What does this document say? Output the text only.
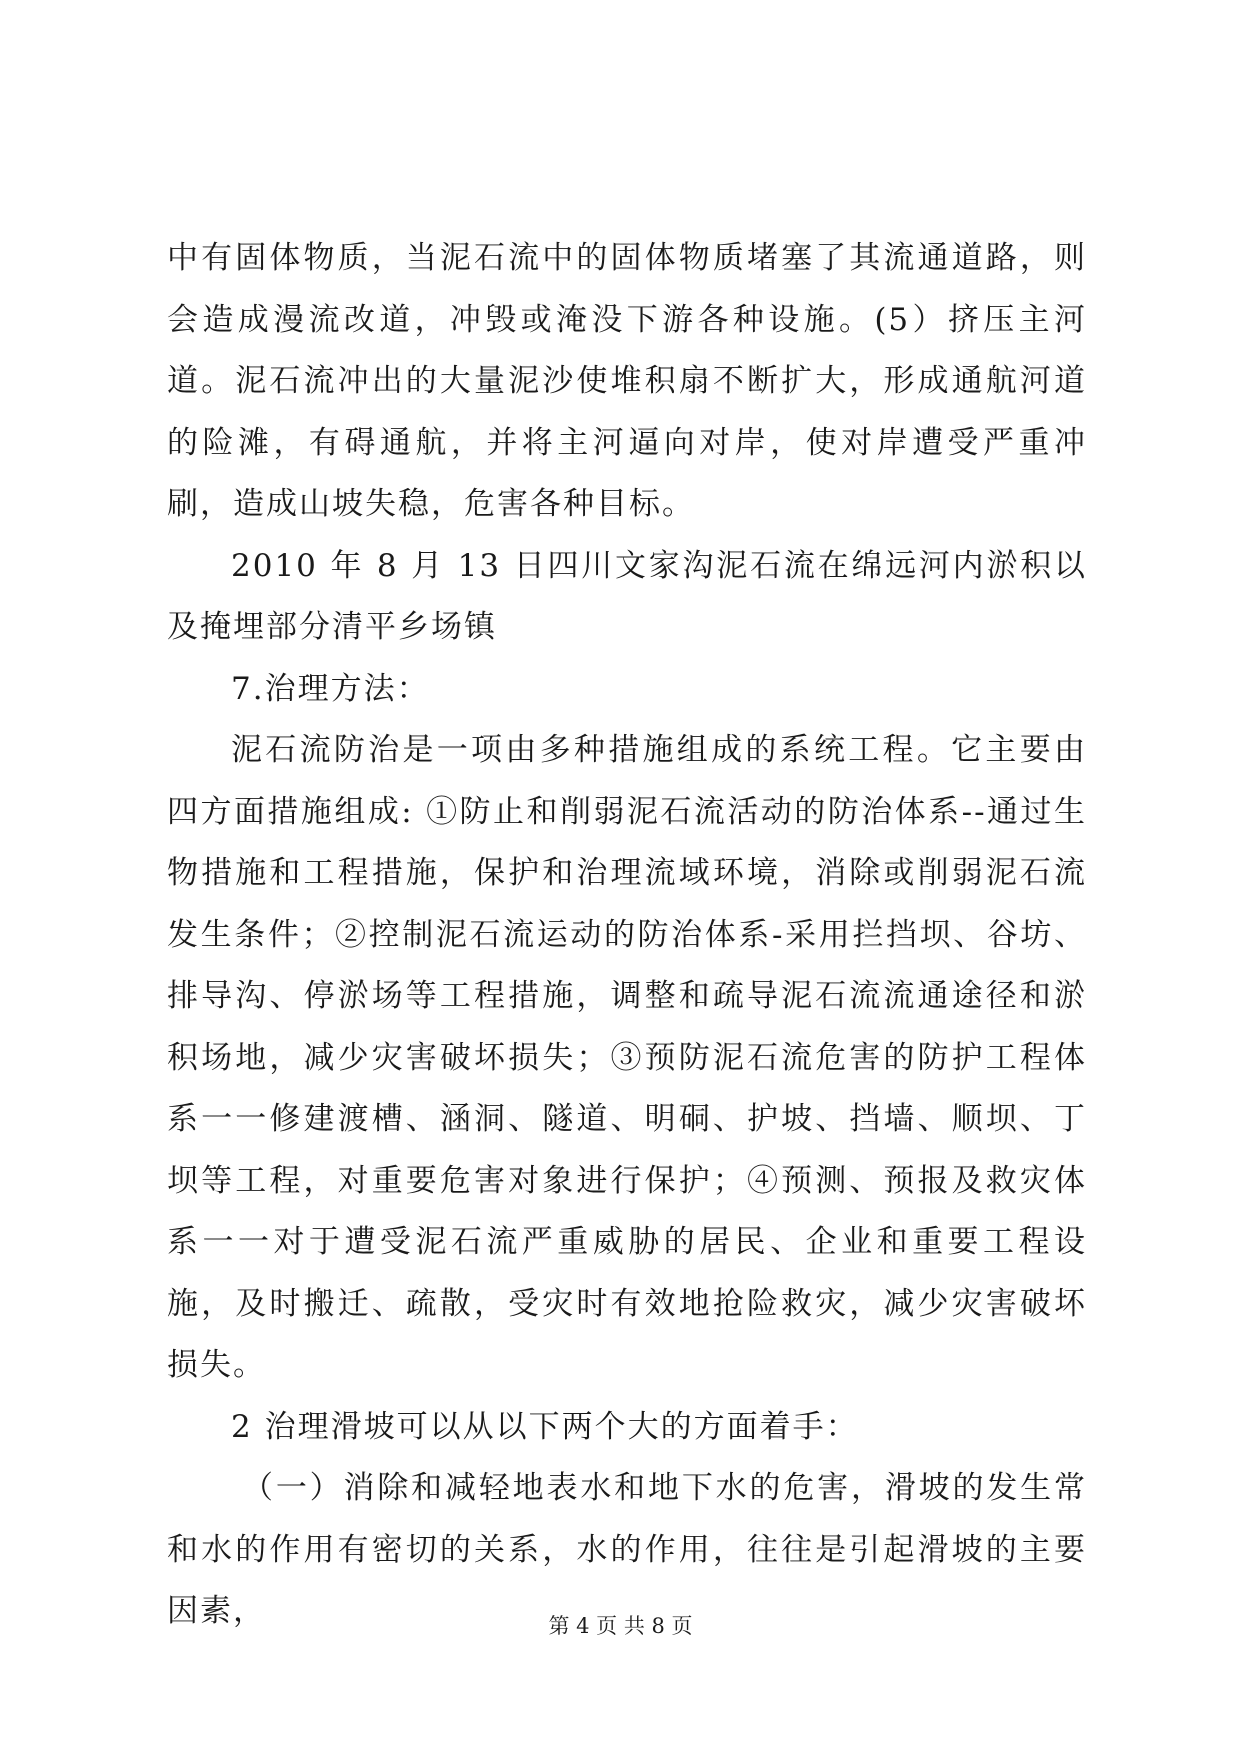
中有固体物质，当泥石流中的固体物质堵塞了其流通道路，则会造成漫流改道，冲毁或淹没下游各种设施。(5）挤压主河道。泥石流冲出的大量泥沙使堆积扇不断扩大，形成通航河道的险滩，有碍通航，并将主河逼向对岸，使对岸遭受严重冲刷，造成山坡失稳，危害各种目标。

2010 年 8 月 13 日四川文家沟泥石流在绵远河内淤积以及掩埋部分清平乡场镇

7.治理方法：

泥石流防治是一项由多种措施组成的系统工程。它主要由四方面措施组成: ①防止和削弱泥石流活动的防治体系--通过生物措施和工程措施，保护和治理流域环境，消除或削弱泥石流发生条件；②控制泥石流运动的防治体系-采用拦挡坝、谷坊、排导沟、停淤场等工程措施，调整和疏导泥石流流通途径和淤积场地，减少灾害破坏损失；③预防泥石流危害的防护工程体系一一修建渡槽、涵洞、隧道、明硐、护坡、挡墙、顺坝、丁坝等工程，对重要危害对象进行保护；④预测、预报及救灾体系一一对于遭受泥石流严重威胁的居民、企业和重要工程设施，及时搬迁、疏散，受灾时有效地抢险救灾，减少灾害破坏损失。

2 治理滑坡可以从以下两个大的方面着手：

（一）消除和减轻地表水和地下水的危害，滑坡的发生常和水的作用有密切的关系，水的作用，往往是引起滑坡的主要因素，	第 4 页 共 8 页
